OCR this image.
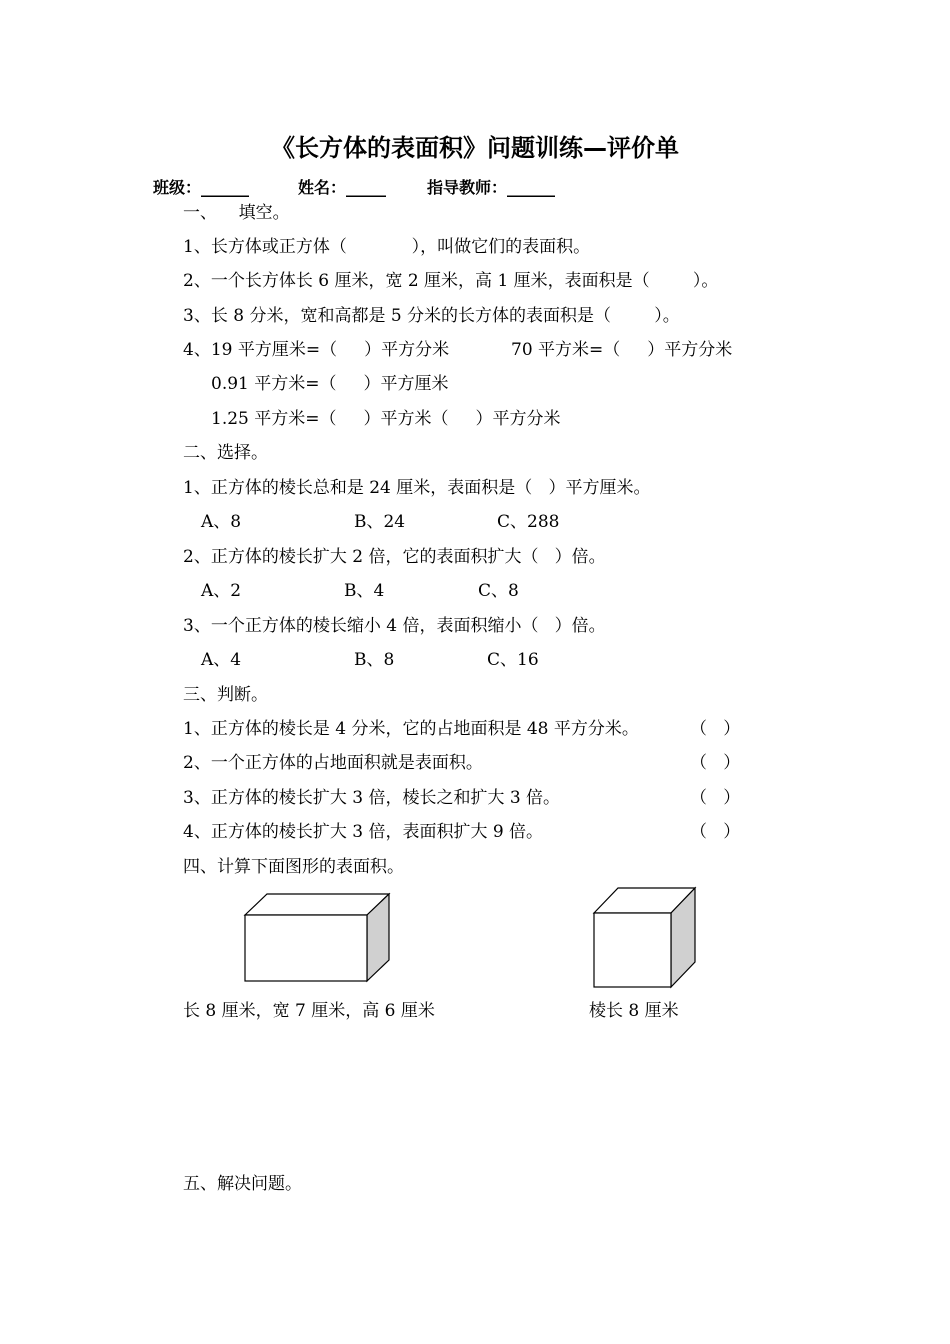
《长方体的表面积》问题训练—评价单
班级：______	姓名：_____	指导教师：______
一、    填空。
1、长方体或正方体（            ），叫做它们的表面积。
2、一个长方体长 6 厘米，宽 2 厘米，高 1 厘米，表面积是（        ）。
3、长 8 分米，宽和高都是 5 分米的长方体的表面积是（        ）。
4、19 平方厘米=（     ）平方分米	70 平方米=（     ）平方分米
0.91 平方米=（     ）平方厘米
1.25 平方米=（     ）平方米（     ）平方分米
二、选择。
1、正方体的棱长总和是 24 厘米，表面积是（   ）平方厘米。
A、8	B、24	C、288
2、正方体的棱长扩大 2 倍，它的表面积扩大（   ）倍。
A、2	B、4	C、8
3、一个正方体的棱长缩小 4 倍，表面积缩小（   ）倍。
A、4	B、8	C、16
三、判断。
1、正方体的棱长是 4 分米，它的占地面积是 48 平方分米。	（   ）
2、一个正方体的占地面积就是表面积。	（   ）
3、正方体的棱长扩大 3 倍，棱长之和扩大 3 倍。	（   ）
4、正方体的棱长扩大 3 倍，表面积扩大 9 倍。	（   ）
四、计算下面图形的表面积。
长 8 厘米，宽 7 厘米，高 6 厘米	棱长 8 厘米
五、解决问题。
